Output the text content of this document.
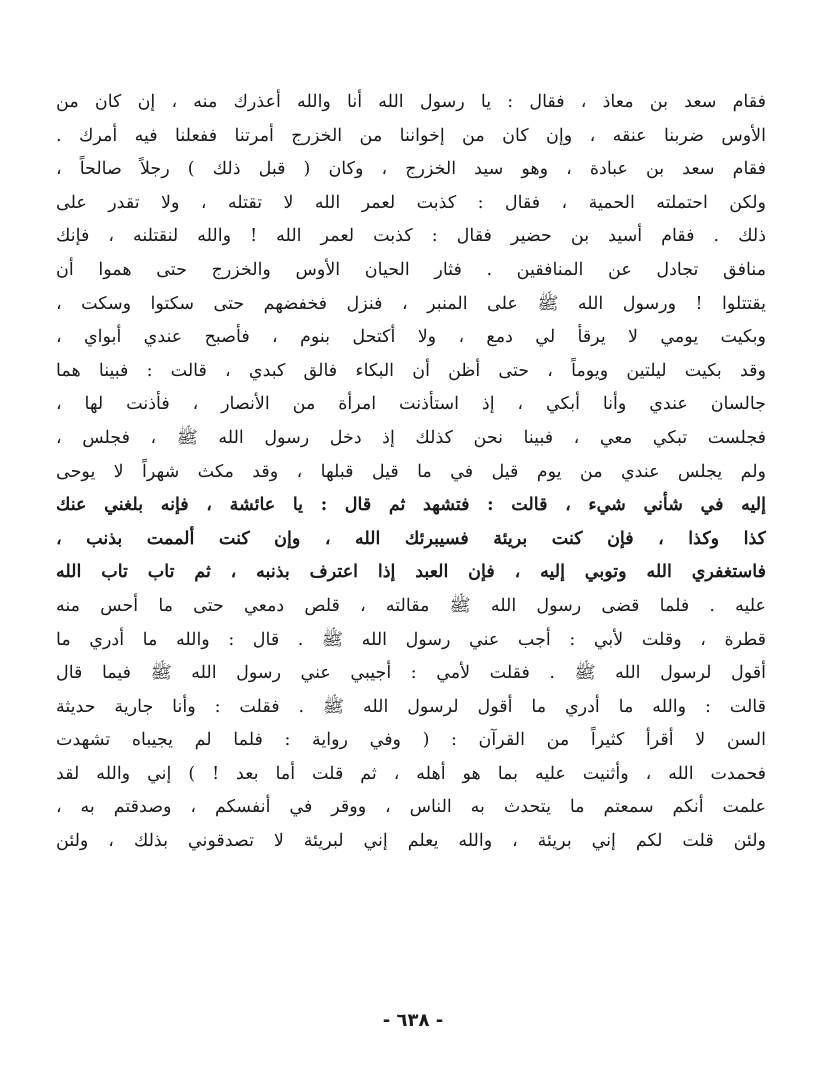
فقام سعد بن معاذ ، فقال : يا رسول الله أنا والله أعذرك منه ، إن كان من
الأوس ضربنا عنقه ، وإن كان من إخواننا من الخزرج أمرتنا ففعلنا فيه أمرك .
فقام سعد بن عبادة ، وهو سيد الخزرج ، وكان ( قبل ذلك ) رجلاً صالحاً ،
ولكن احتملته الحمية ، فقال : كذبت لعمر الله لا تقتله ، ولا تقدر على
ذلك . فقام أسيد بن حضير فقال : كذبت لعمر الله ! والله لنقتلنه ، فإنك
منافق تجادل عن المنافقين . فثار الحيان الأوس والخزرج حتى هموا أن
يقتتلوا ! ورسول الله ﷺ على المنبر ، فنزل فخفضهم حتى سكتوا وسكت ،
وبكيت يومي لا يرقأ لي دمع ، ولا أكتحل بنوم ، فأصبح عندي أبواي ،
وقد بكيت ليلتين ويوماً ، حتى أظن أن البكاء فالق كبدي ، قالت : فبينا هما
جالسان عندي وأنا أبكي ، إذ استأذنت امرأة من الأنصار ، فأذنت لها ،
فجلست تبكي معي ، فبينا نحن كذلك إذ دخل رسول الله ﷺ ، فجلس ،
ولم يجلس عندي من يوم قيل في ما قيل قبلها ، وقد مكث شهراً لا يوحى
إليه في شأني شيء ، قالت : فتشهد ثم قال : يا عائشة ، فإنه بلغني عنك
كذا وكذا ، فإن كنت بريئة فسيبرئك الله ، وإن كنت ألممت بذنب ،
فاستغفري الله وتوبي إليه ، فإن العبد إذا اعترف بذنبه ، ثم تاب تاب الله
عليه . فلما قضى رسول الله ﷺ مقالته ، قلص دمعي حتى ما أحس منه
قطرة ، وقلت لأبي : أجب عني رسول الله ﷺ . قال : والله ما أدري ما
أقول لرسول الله ﷺ . فقلت لأمي : أجيبي عني رسول الله ﷺ فيما قال
قالت : والله ما أدري ما أقول لرسول الله ﷺ . فقلت : وأنا جارية حديثة
السن لا أقرأ كثيراً من القرآن : ( وفي رواية : فلما لم يجيباه تشهدت
فحمدت الله ، وأثنيت عليه بما هو أهله ، ثم قلت أما بعد ! ) إني والله لقد
علمت أنكم سمعتم ما يتحدث به الناس ، ووقر في أنفسكم ، وصدقتم به ،
ولئن قلت لكم إني بريئة ، والله يعلم إني لبريئة لا تصدقوني بذلك ، ولئن
- ٦٣٨ -
